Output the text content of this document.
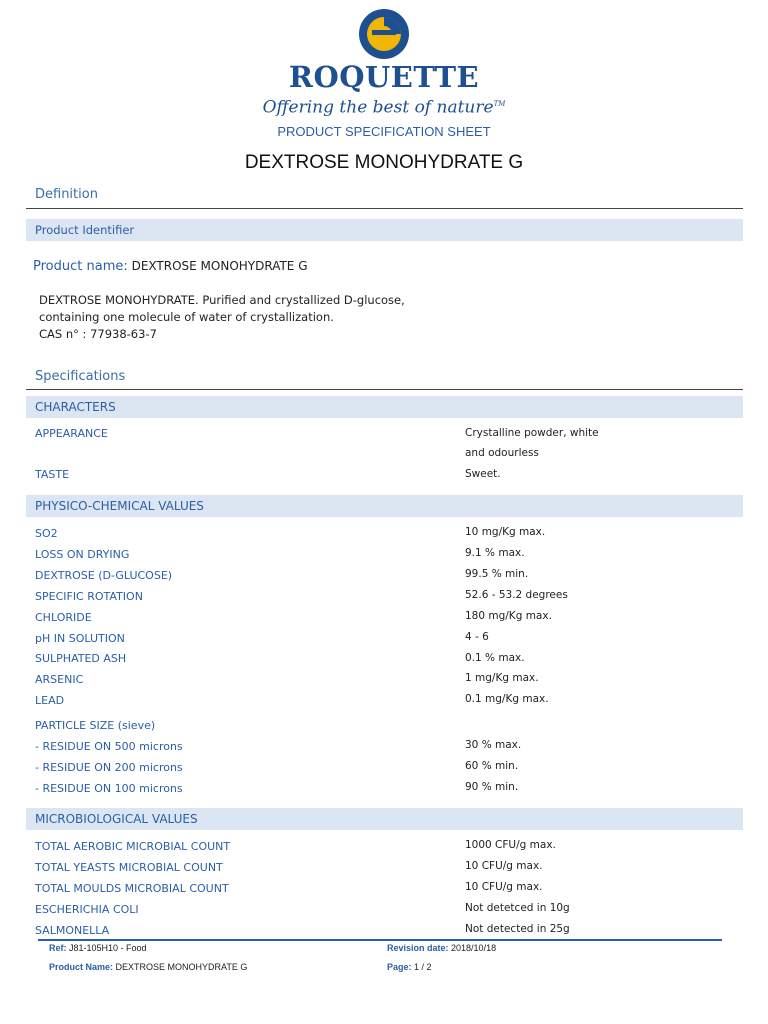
ROQUETTE
Offering the best of nature™
PRODUCT SPECIFICATION SHEET
DEXTROSE MONOHYDRATE G
Definition
Product Identifier
Product name: DEXTROSE MONOHYDRATE G
DEXTROSE MONOHYDRATE. Purified and crystallized D-glucose,
containing one molecule of water of crystallization.
CAS n° : 77938-63-7
Specifications
CHARACTERS
APPEARANCE	Crystalline powder, white
and odourless
TASTE	Sweet.
PHYSICO-CHEMICAL VALUES
SO2	10 mg/Kg max.
LOSS ON DRYING	9.1 % max.
DEXTROSE (D-GLUCOSE)	99.5 % min.
SPECIFIC ROTATION	52.6 - 53.2 degrees
CHLORIDE	180 mg/Kg max.
pH IN SOLUTION	4 - 6
SULPHATED ASH	0.1 % max.
ARSENIC	1 mg/Kg max.
LEAD	0.1 mg/Kg max.
PARTICLE SIZE (sieve)
- RESIDUE ON 500 microns	30 % max.
- RESIDUE ON 200 microns	60 % min.
- RESIDUE ON 100 microns	90 % min.
MICROBIOLOGICAL VALUES
TOTAL AEROBIC MICROBIAL COUNT	1000 CFU/g max.
TOTAL YEASTS MICROBIAL COUNT	10 CFU/g max.
TOTAL MOULDS MICROBIAL COUNT	10 CFU/g max.
ESCHERICHIA COLI	Not detetced in 10g
SALMONELLA	Not detected in 25g
Ref: J81-105H10 - Food	Revision date: 2018/10/18
Product Name: DEXTROSE MONOHYDRATE G	Page: 1 / 2
